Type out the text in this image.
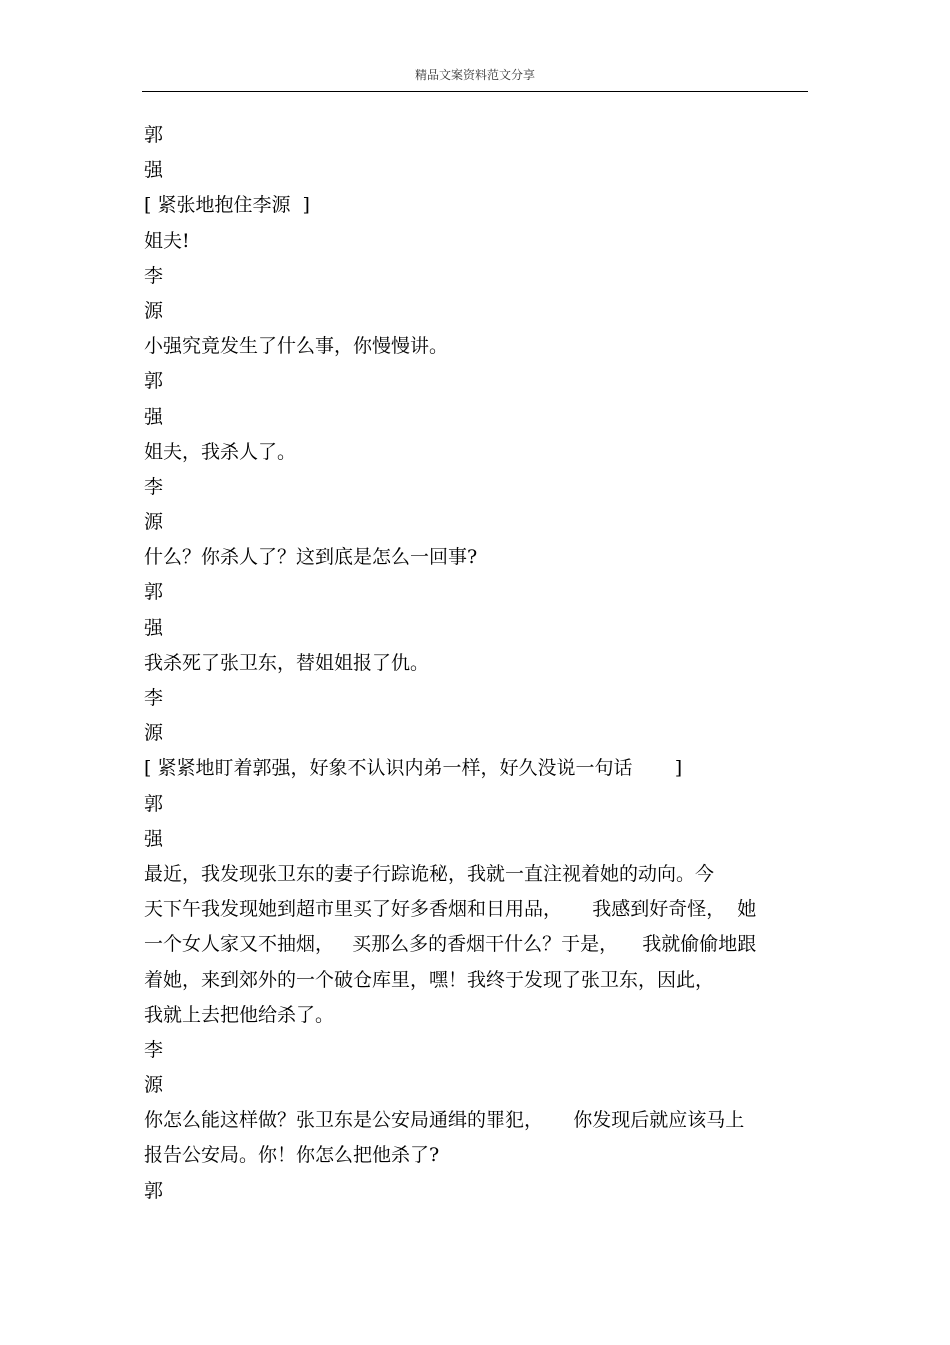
精品文案资料范文分享
郭
强
[ 紧张地抱住李源  ]
姐夫!
李
源
小强究竟发生了什么事，你慢慢讲。
郭
强
姐夫，我杀人了。
李
源
什么？你杀人了？这到底是怎么一回事?
郭
强
我杀死了张卫东，替姐姐报了仇。
李
源
[ 紧紧地盯着郭强，好象不认识内弟一样，好久没说一句话       ]
郭
强
最近，我发现张卫东的妻子行踪诡秘，我就一直注视着她的动向。今
天下午我发现她到超市里买了好多香烟和日用品，     我感到好奇怪，  她
一个女人家又不抽烟，   买那么多的香烟干什么？于是，    我就偷偷地跟
着她，来到郊外的一个破仓库里，嘿！我终于发现了张卫东，因此，
我就上去把他给杀了。
李
源
你怎么能这样做？张卫东是公安局通缉的罪犯，     你发现后就应该马上
报告公安局。你！你怎么把他杀了?
郭
